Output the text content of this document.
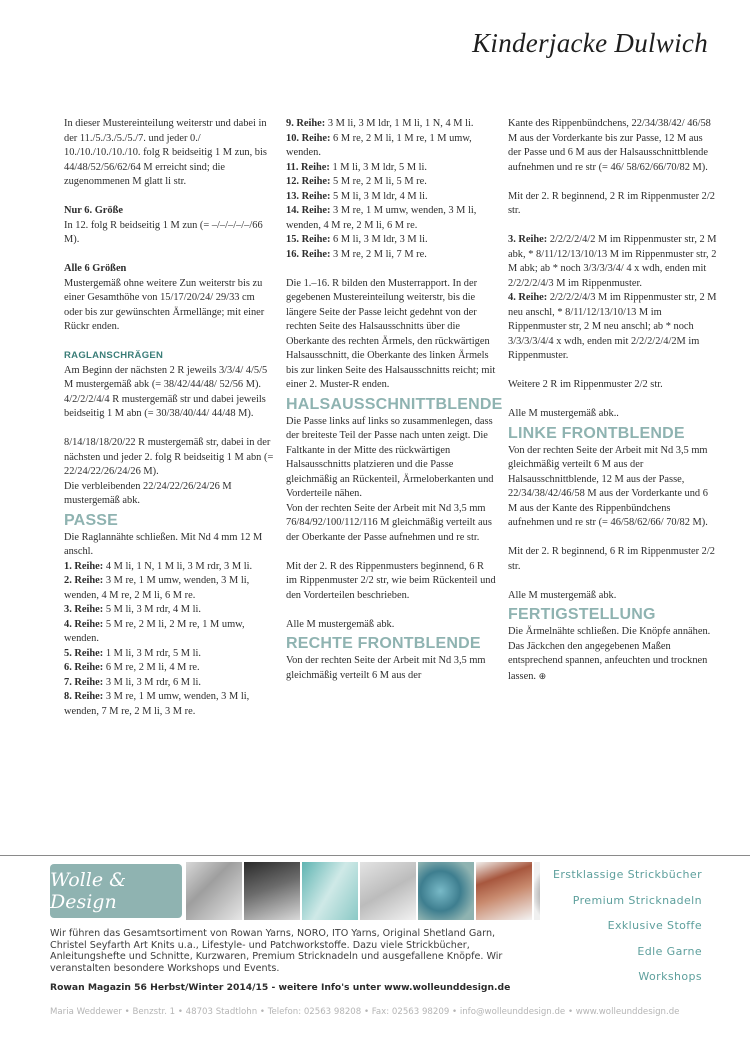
Kinderjacke Dulwich

In dieser Mustereinteilung weiterstr und dabei in der 11./5./3./5./5./7. und jeder 0./ 10./10./10./10./10. folg R beidseitig 1 M zun, bis 44/48/52/56/62/64 M erreicht sind; die zugenommenen M glatt li str.

Nur 6. Größe

In 12. folg R beidseitig 1 M zun (= –/–/–/–/–/66 M).

Alle 6 Größen

Mustergemäß ohne weitere Zun weiterstr bis zu einer Gesamthöhe von 15/17/20/24/ 29/33 cm oder bis zur gewünschten Ärmellänge; mit einer Rückr enden.

RAGLANSCHRÄGEN

Am Beginn der nächsten 2 R jeweils 3/3/4/ 4/5/5 M mustergemäß abk (= 38/42/44/48/ 52/56 M).

4/2/2/2/4/4 R mustergemäß str und dabei jeweils beidseitig 1 M abn (= 30/38/40/44/ 44/48 M).

8/14/18/18/20/22 R mustergemäß str, dabei in der nächsten und jeder 2. folg R beidseitig 1 M abn (= 22/24/22/26/24/26 M).

Die verbleibenden 22/24/22/26/24/26 M mustergemäß abk.

PASSE

Die Raglannähte schließen. Mit Nd 4 mm 12 M anschl.

1. Reihe: 4 M li, 1 N, 1 M li, 3 M rdr, 3 M li.

2. Reihe: 3 M re, 1 M umw, wenden, 3 M li, wenden, 4 M re, 2 M li, 6 M re.

3. Reihe: 5 M li, 3 M rdr, 4 M li.

4. Reihe: 5 M re, 2 M li, 2 M re, 1 M umw, wenden.

5. Reihe: 1 M li, 3 M rdr, 5 M li.

6. Reihe: 6 M re, 2 M li, 4 M re.

7. Reihe: 3 M li, 3 M rdr, 6 M li.

8. Reihe: 3 M re, 1 M umw, wenden, 3 M li, wenden, 7 M re, 2 M li, 3 M re.

9. Reihe: 3 M li, 3 M ldr, 1 M li, 1 N, 4 M li.

10. Reihe: 6 M re, 2 M li, 1 M re, 1 M umw, wenden.

11. Reihe: 1 M li, 3 M ldr, 5 M li.

12. Reihe: 5 M re, 2 M li, 5 M re.

13. Reihe: 5 M li, 3 M ldr, 4 M li.

14. Reihe: 3 M re, 1 M umw, wenden, 3 M li, wenden, 4 M re, 2 M li, 6 M re.

15. Reihe: 6 M li, 3 M ldr, 3 M li.

16. Reihe: 3 M re, 2 M li, 7 M re.

Die 1.–16. R bilden den Musterrapport. In der gegebenen Mustereinteilung weiterstr, bis die längere Seite der Passe leicht gedehnt von der rechten Seite des Halsausschnitts über die Oberkante des rechten Ärmels, den rückwärtigen Halsausschnitt, die Oberkante des linken Ärmels bis zur linken Seite des Halsausschnitts reicht; mit einer 2. Muster-R enden.

HALSAUSSCHNITTBLENDE

Die Passe links auf links so zusammenlegen, dass der breiteste Teil der Passe nach unten zeigt. Die Faltkante in der Mitte des rückwärtigen Halsausschnitts platzieren und die Passe gleichmäßig an Rückenteil, Ärmeloberkanten und Vorderteile nähen.

Von der rechten Seite der Arbeit mit Nd 3,5 mm 76/84/92/100/112/116 M gleichmäßig verteilt aus der Oberkante der Passe aufnehmen und re str.

Mit der 2. R des Rippenmusters beginnend, 6 R im Rippenmuster 2/2 str, wie beim Rückenteil und den Vorderteilen beschrieben.

Alle M mustergemäß abk.

RECHTE FRONTBLENDE

Von der rechten Seite der Arbeit mit Nd 3,5 mm gleichmäßig verteilt 6 M aus der

Kante des Rippenbündchens, 22/34/38/42/ 46/58 M aus der Vorderkante bis zur Passe, 12 M aus der Passe und 6 M aus der Halsausschnittblende aufnehmen und re str (= 46/ 58/62/66/70/82 M).

Mit der 2. R beginnend, 2 R im Rippenmuster 2/2 str.

3. Reihe: 2/2/2/2/4/2 M im Rippenmuster str, 2 M abk, * 8/11/12/13/10/13 M im Rippenmuster str, 2 M abk; ab * noch 3/3/3/3/4/ 4 x wdh, enden mit 2/2/2/2/4/3 M im Rippenmuster.

4. Reihe: 2/2/2/2/4/3 M im Rippenmuster str, 2 M neu anschl, * 8/11/12/13/10/13 M im Rippenmuster str, 2 M neu anschl; ab * noch 3/3/3/3/4/4 x wdh, enden mit 2/2/2/2/4/2M im Rippenmuster.

Weitere 2 R im Rippenmuster 2/2 str.

Alle M mustergemäß abk..

LINKE FRONTBLENDE

Von der rechten Seite der Arbeit mit Nd 3,5 mm gleichmäßig verteilt 6 M aus der Halsausschnittblende, 12 M aus der Passe, 22/34/38/42/46/58 M aus der Vorderkante und 6 M aus der Kante des Rippenbündchens aufnehmen und re str (= 46/58/62/66/ 70/82 M).

Mit der 2. R beginnend, 6 R im Rippenmuster 2/2 str.

Alle M mustergemäß abk.

FERTIGSTELLUNG

Die Ärmelnähte schließen. Die Knöpfe annähen. Das Jäckchen den angegebenen Maßen entsprechend spannen, anfeuchten und trocknen lassen. ⊕

Wolle & Design
Wir führen das Gesamtsortiment von Rowan Yarns, NORO, ITO Yarns, Original Shetland Garn, Christel Seyfarth Art Knits u.a., Lifestyle- und Patchworkstoffe. Dazu viele Strickbücher, Anleitungshefte und Schnitte, Kurzwaren, Premium Stricknadeln und ausgefallene Knöpfe. Wir veranstalten besondere Workshops und Events.
Rowan Magazin 56 Herbst/Winter 2014/15 - weitere Info's unter www.wolleunddesign.de
Maria Weddewer • Benzstr. 1 • 48703 Stadtlohn • Telefon: 02563 98208 • Fax: 02563 98209 • info@wolleunddesign.de • www.wolleunddesign.de
Erstklassige Strickbücher
Premium Stricknadeln
Exklusive Stoffe
Edle Garne
Workshops
